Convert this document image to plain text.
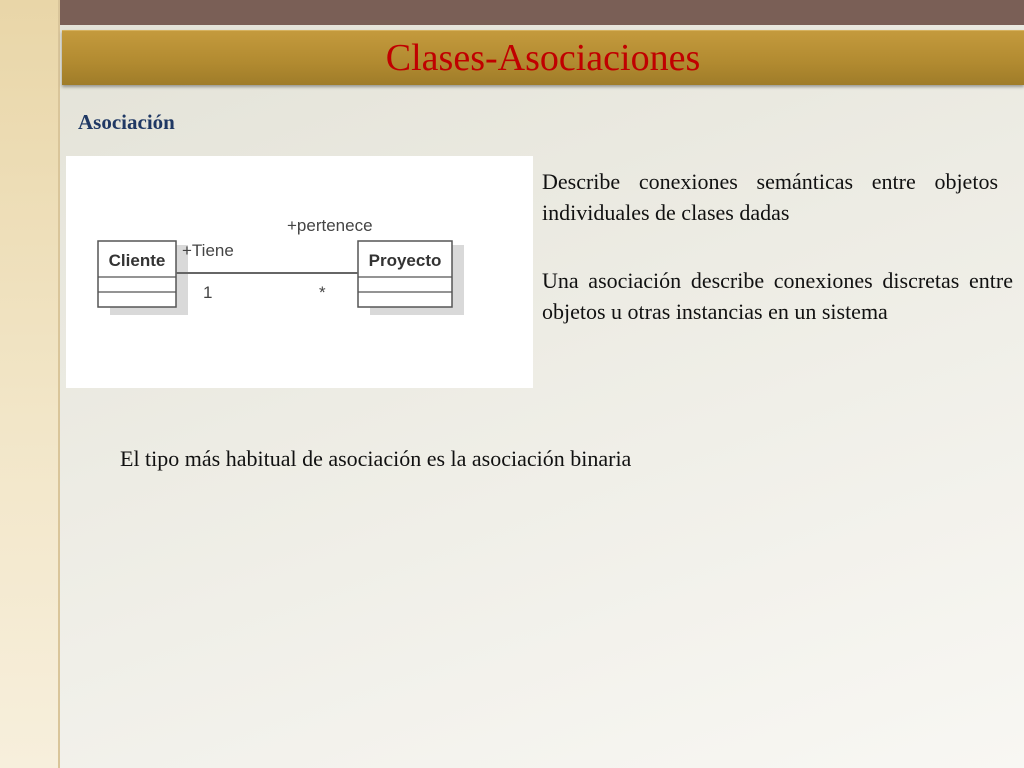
Clases-Asociaciones
Asociación
Cliente	Proyecto
+Tiene
+pertenece
1	*
Describe conexiones semánticas entre objetos individuales de clases dadas
Una asociación describe conexiones discretas entre objetos u otras instancias en un sistema
El tipo más habitual de asociación es la asociación binaria
